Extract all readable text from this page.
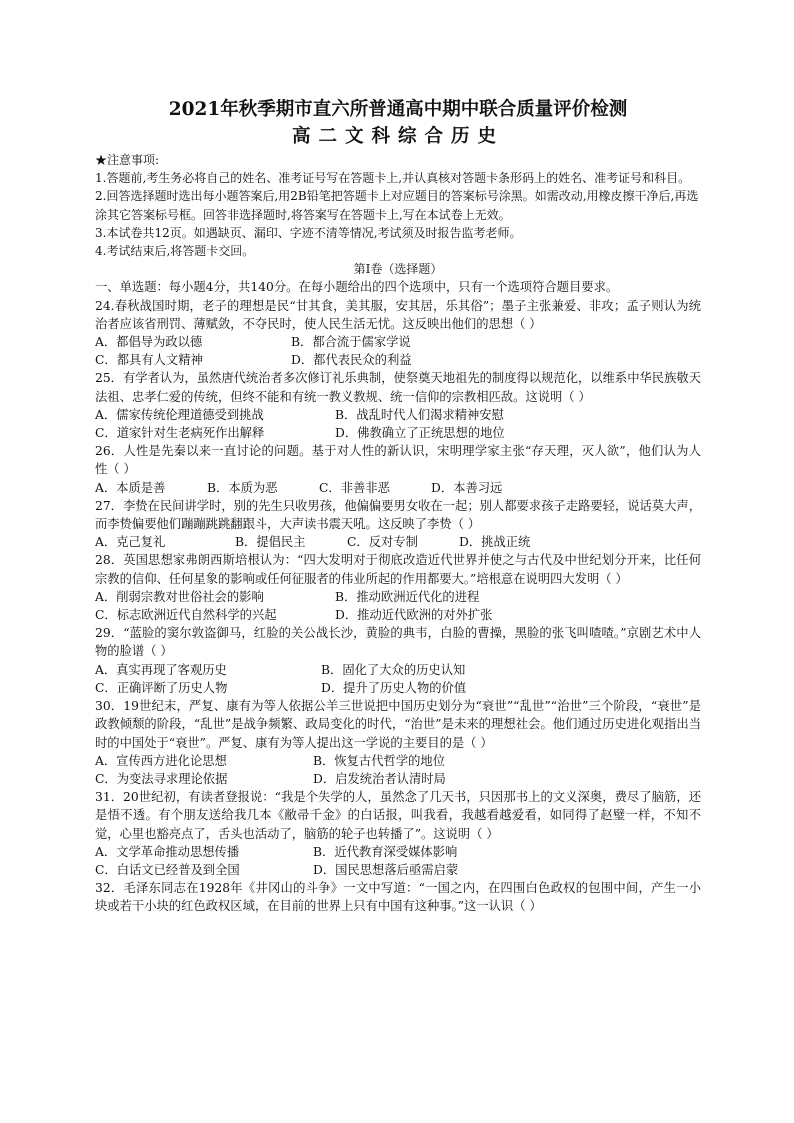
2021年秋季期市直六所普通高中期中联合质量评价检测
高二文科综合历史
★注意事项:
1.答题前,考生务必将自己的姓名、准考证号写在答题卡上,并认真核对答题卡条形码上的姓名、准考证号和科目。
2.回答选择题时选出每小题答案后,用2B铅笔把答题卡上对应题目的答案标号涂黑。如需改动,用橡皮擦干净后,再选涂其它答案标号框。回答非选择题时,将答案写在答题卡上,写在本试卷上无效。
3.本试卷共12页。如遇缺页、漏印、字迹不清等情况,考试须及时报告监考老师。
4.考试结束后,将答题卡交回。
第I卷（选择题）
一、单选题：每小题4分，共140分。在每小题给出的四个选项中，只有一个选项符合题目要求。
24.春秋战国时期，老子的理想是民“甘其食，美其服，安其居，乐其俗”；墨子主张兼爱、非攻；孟子则认为统治者应该省刑罚、薄赋敛，不夺民时，使人民生活无忧。这反映出他们的思想（ ）
A．都倡导为政以德	B．都合流于儒家学说
C．都具有人文精神	D．都代表民众的利益
25．有学者认为，虽然唐代统治者多次修订礼乐典制，使祭奠天地祖先的制度得以规范化，以维系中华民族敬天法祖、忠孝仁爱的传统，但终不能和有统一教义教规、统一信仰的宗教相匹敌。这说明（ ）
A．儒家传统伦理道德受到挑战	B．战乱时代人们渴求精神安慰
C．道家针对生老病死作出解释	D．佛教确立了正统思想的地位
26．人性是先秦以来一直讨论的问题。基于对人性的新认识，宋明理学家主张“存天理，灭人欲”，他们认为人性（ ）
A．本质是善	B．本质为恶	C．非善非恶	D．本善习远
27．李贽在民间讲学时，别的先生只收男孩，他偏偏要男女收在一起；别人都要求孩子走路要轻，说话莫大声，而李贽偏要他们蹦蹦跳跳翻跟斗，大声读书震天吼。这反映了李贽（ ）
A．克己复礼	B．提倡民主	C．反对专制	D．挑战正统
28．英国思想家弗朗西斯培根认为：“四大发明对于彻底改造近代世界并使之与古代及中世纪划分开来，比任何宗教的信仰、任何星象的影响或任何征服者的伟业所起的作用都要大。”培根意在说明四大发明（ ）
A．削弱宗教对世俗社会的影响	B．推动欧洲近代化的进程
C．标志欧洲近代自然科学的兴起	D．推动近代欧洲的对外扩张
29．“蓝脸的窦尔敦盗御马，红脸的关公战长沙，黄脸的典韦，白脸的曹操，黑脸的张飞叫喳喳。”京剧艺术中人物的脸谱（ ）
A．真实再现了客观历史	B．固化了大众的历史认知
C．正确评断了历史人物	D．提升了历史人物的价值
30．19世纪末，严复、康有为等人依据公羊三世说把中国历史划分为“衰世”“乱世”“治世”三个阶段，“衰世”是政教倾颓的阶段，“乱世”是战争频繁、政局变化的时代，“治世”是未来的理想社会。他们通过历史进化观指出当时的中国处于“衰世”。严复、康有为等人提出这一学说的主要目的是（ ）
A．宣传西方进化论思想	B．恢复古代哲学的地位
C．为变法寻求理论依据	D．启发统治者认清时局
31．20世纪初，有读者登报说：“我是个失学的人，虽然念了几天书，只因那书上的文义深奥，费尽了脑筋，还是悟不透。有个朋友送给我几本《敝帚千金》的白话报，叫我看，我越看越爱看，如同得了赵璧一样，不知不觉，心里也豁亮点了，舌头也活动了，脑筋的轮子也转播了”。这说明（ ）
A．文学革命推动思想传播	B．近代教育深受媒体影响
C．白话文已经普及到全国	D．国民思想落后亟需启蒙
32．毛泽东同志在1928年《井冈山的斗争》一文中写道：“一国之内，在四围白色政权的包围中间，产生一小块或若干小块的红色政权区域，在目前的世界上只有中国有这种事。”这一认识（ ）
